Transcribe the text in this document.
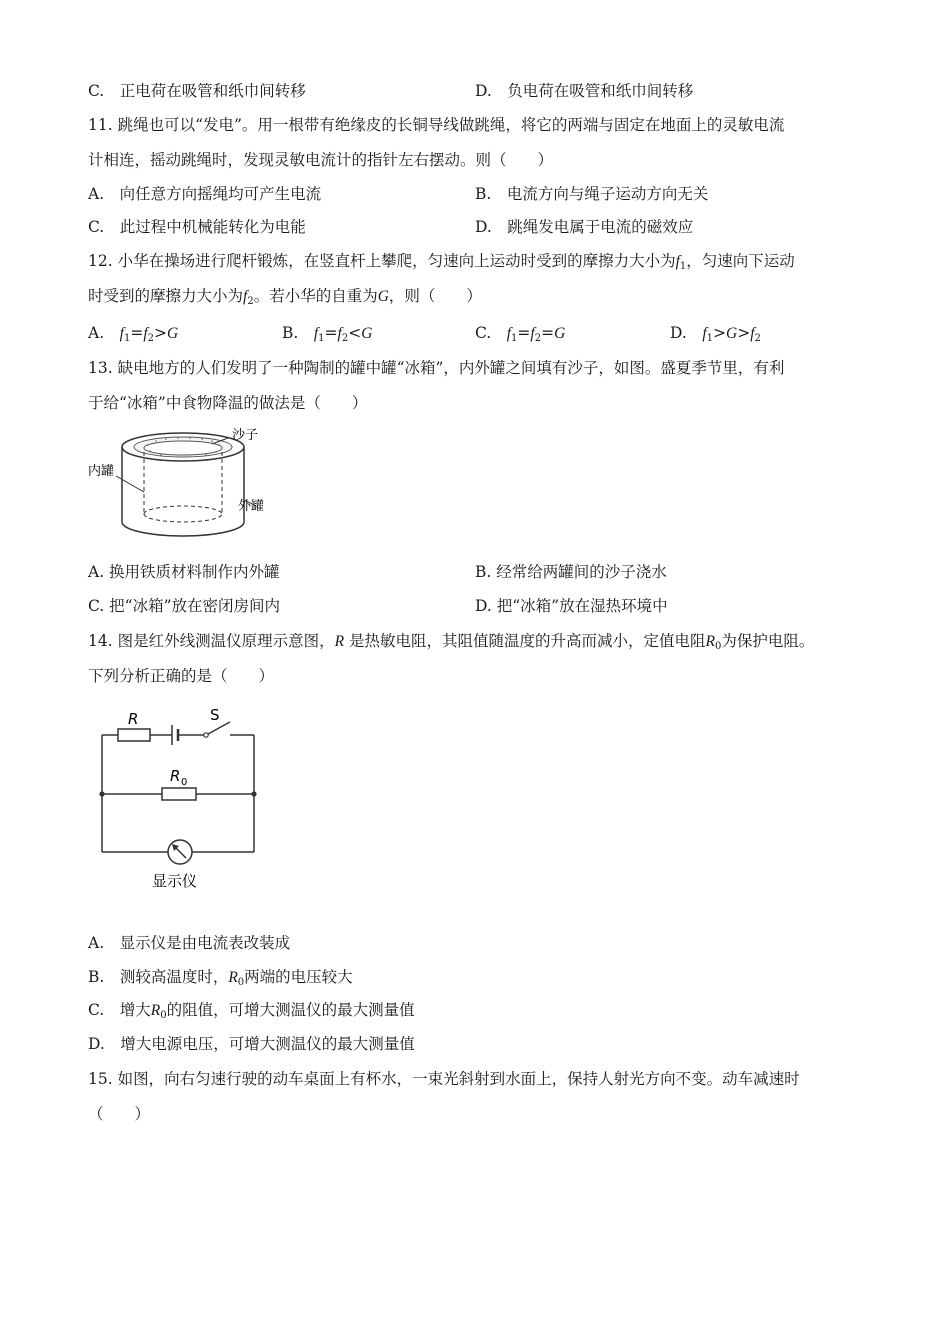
C.　正电荷在吸管和纸巾间转移	D.　负电荷在吸管和纸巾间转移
11. 跳绳也可以“发电”。用一根带有绝缘皮的长铜导线做跳绳，将它的两端与固定在地面上的灵敏电流
计相连，摇动跳绳时，发现灵敏电流计的指针左右摆动。则（　　）
A.　向任意方向摇绳均可产生电流	B.　电流方向与绳子运动方向无关
C.　此过程中机械能转化为电能	D.　跳绳发电属于电流的磁效应
12. 小华在操场进行爬杆锻炼，在竖直杆上攀爬，匀速向上运动时受到的摩擦力大小为$f_1$，匀速向下运动
时受到的摩擦力大小为$f_2$。若小华的自重为G，则（　　）
A.　$f_1=f_2>G$	B.　$f_1=f_2<G$	C.　$f_1=f_2=G$	D.　$f_1>G>f_2$
13. 缺电地方的人们发明了一种陶制的罐中罐“冰箱”，内外罐之间填有沙子，如图。盛夏季节里，有利
于给“冰箱”中食物降温的做法是（　　）
沙子
内罐
外罐
A. 换用铁质材料制作内外罐	B. 经常给两罐间的沙子浇水
C. 把“冰箱”放在密闭房间内	D. 把“冰箱”放在湿热环境中
14. 图是红外线测温仪原理示意图，R 是热敏电阻，其阻值随温度的升高而减小，定值电阻$R_0$为保护电阻。
下列分析正确的是（　　）
R	S
R 0
显示仪
A.　显示仪是由电流表改装成
B.　测较高温度时，$R_0$两端的电压较大
C.　增大$R_0$的阻值，可增大测温仪的最大测量值
D.　增大电源电压，可增大测温仪的最大测量值
15. 如图，向右匀速行驶的动车桌面上有杯水，一束光斜射到水面上，保持人射光方向不变。动车减速时
（　　）
